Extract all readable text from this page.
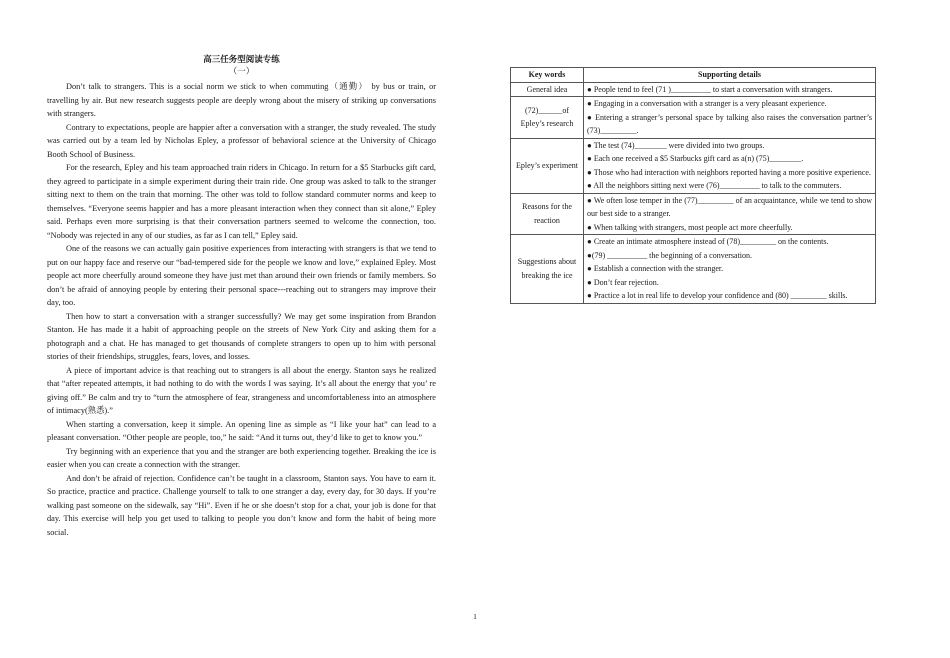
高三任务型阅读专练
（一）

Don’t talk to strangers. This is a social norm we stick to when commuting（通勤） by bus or train, or travelling by air. But new research suggests people are deeply wrong about the misery of striking up conversations with strangers.

Contrary to expectations, people are happier after a conversation with a stranger, the study revealed. The study was carried out by a team led by Nicholas Epley, a professor of behavioral science at the University of Chicago Booth School of Business.

For the research, Epley and his team approached train riders in Chicago. In return for a $5 Starbucks gift card, they agreed to participate in a simple experiment during their train ride. One group was asked to talk to the stranger sitting next to them on the train that morning. The other was told to follow standard commuter norms and keep to themselves. “Everyone seems happier and has a more pleasant interaction when they connect than sit alone,” Epley said. Perhaps even more surprising is that their conversation partners seemed to welcome the connection, too. “Nobody was rejected in any of our studies, as far as I can tell,” Epley said.

One of the reasons we can actually gain positive experiences from interacting with strangers is that we tend to put on our happy face and reserve our “bad-tempered side for the people we know and love,” explained Epley. Most people act more cheerfully around someone they have just met than around their own friends or family members. So don’t be afraid of annoying people by entering their personal space---reaching out to strangers may improve their day, too.

Then how to start a conversation with a stranger successfully? We may get some inspiration from Brandon Stanton. He has made it a habit of approaching people on the streets of New York City and asking them for a photograph and a chat. He has managed to get thousands of complete strangers to open up to him with personal stories of their friendships, struggles, fears, loves, and losses.

A piece of important advice is that reaching out to strangers is all about the energy. Stanton says he realized that “after repeated attempts, it had nothing to do with the words I was saying. It’s all about the energy that you’ re giving off.” Be calm and try to “turn the atmosphere of fear, strangeness and uncomfortableness into an atmosphere of intimacy(熟悉).”

When starting a conversation, keep it simple. An opening line as simple as “I like your hat” can lead to a pleasant conversation. “Other people are people, too,” he said: “And it turns out, they’d like to get to know you.”

Try beginning with an experience that you and the stranger are both experiencing together. Breaking the ice is easier when you can create a connection with the stranger.

And don’t be afraid of rejection. Confidence can’t be taught in a classroom, Stanton says. You have to earn it. So practice, practice and practice. Challenge yourself to talk to one stranger a day, every day, for 30 days. If you’re walking past someone on the sidewalk, say “Hi”. Even if he or she doesn’t stop for a chat, your job is done for that day. This exercise will help you get used to talking to people you don’t know and form the habit of being more social.

Key words	Supporting details
General idea	● People tend to feel (71 )__________ to start a conversation with strangers.

(72)______of Epley’s research	● Engaging in a conversation with a stranger is a very pleasant experience.
● Entering a stranger’s personal space by talking also raises the conversation partner’s (73)_________.

Epley’s experiment	● The test (74)________ were divided into two groups.
● Each one received a $5 Starbucks gift card as a(n) (75)________.
● Those who had interaction with neighbors reported having a more positive experience.
● All the neighbors sitting next were (76)__________ to talk to the commuters.

Reasons for the reaction	● We often lose temper in the (77)_________ of an acquaintance, while we tend to show our best side to a stranger.
● When talking with strangers, most people act more cheerfully.

Suggestions about breaking the ice	● Create an intimate atmosphere instead of (78)_________ on the contents.
●(79) __________ the beginning of a conversation.
● Establish a connection with the stranger.
● Don’t fear rejection.
● Practice a lot in real life to develop your confidence and (80) _________ skills.
1
